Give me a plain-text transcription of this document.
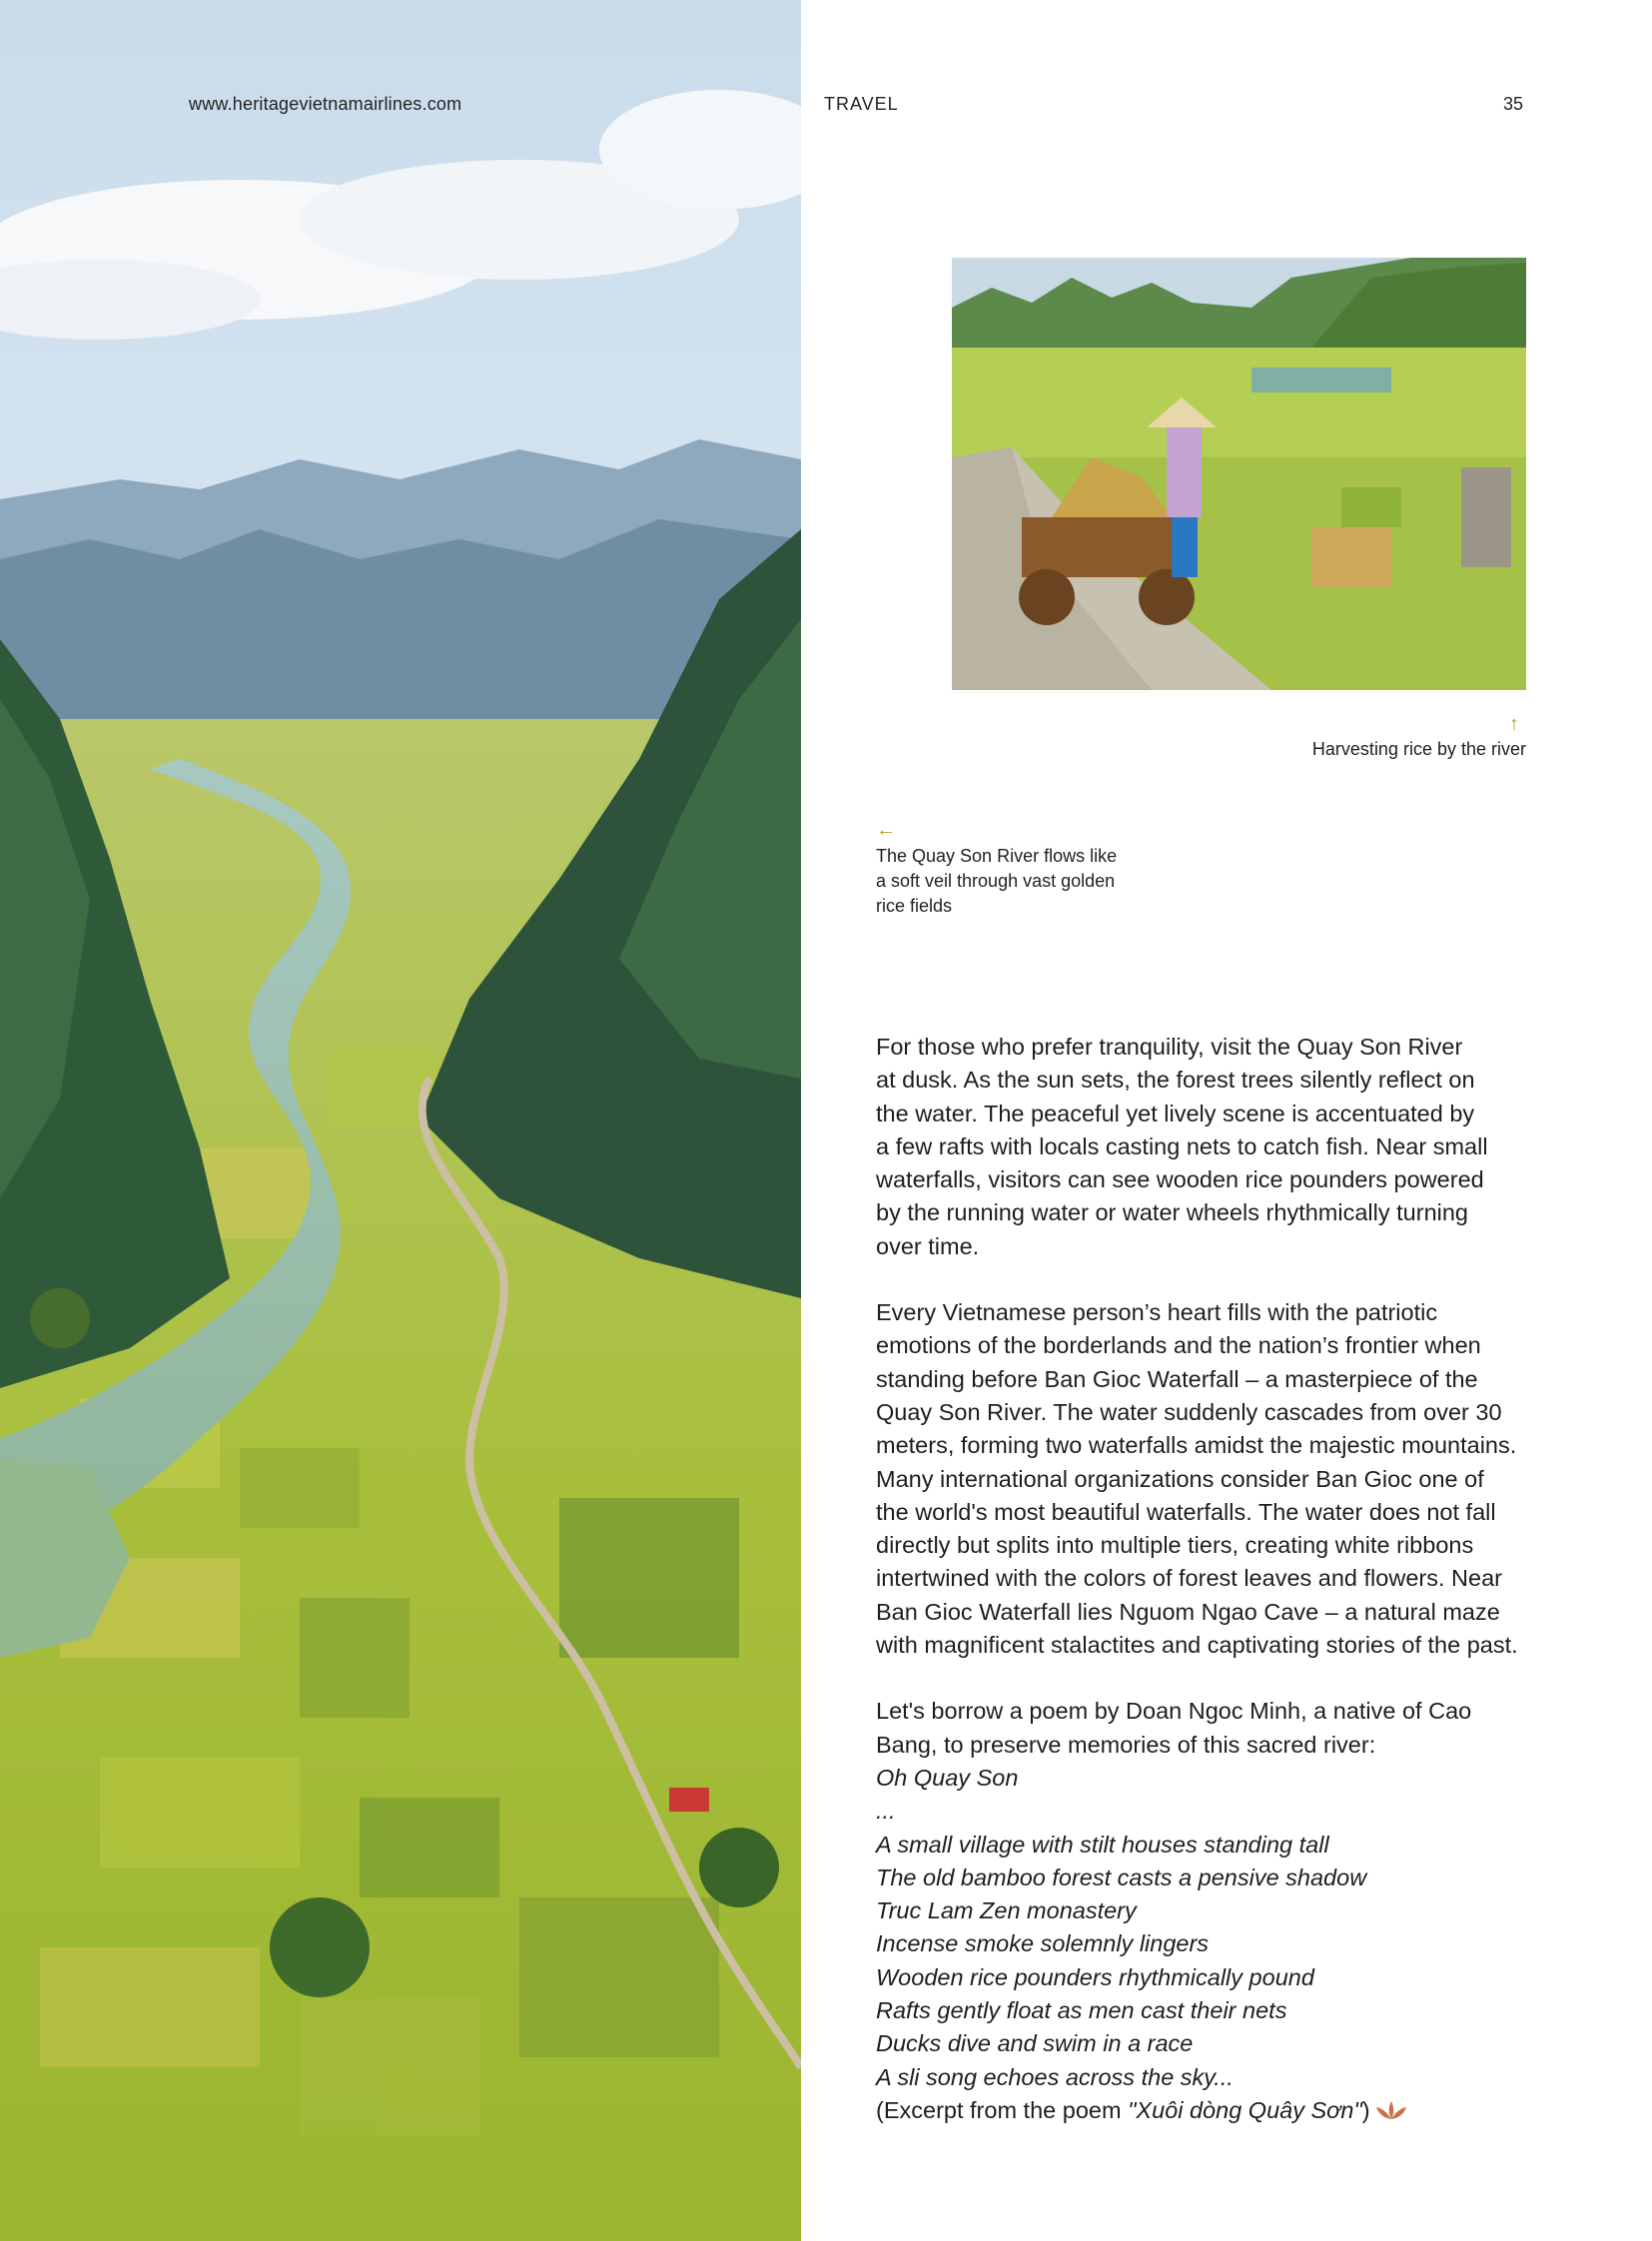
www.heritagevietnamairlines.com	TRAVEL	35
↑
Harvesting rice by the river
←
The Quay Son River flows like
a soft veil through vast golden
rice fields

For those who prefer tranquility, visit the Quay Son River
at dusk. As the sun sets, the forest trees silently reflect on
the water. The peaceful yet lively scene is accentuated by
a few rafts with locals casting nets to catch fish. Near small
waterfalls, visitors can see wooden rice pounders powered
by the running water or water wheels rhythmically turning
over time.

Every Vietnamese person’s heart fills with the patriotic
emotions of the borderlands and the nation’s frontier when
standing before Ban Gioc Waterfall – a masterpiece of the
Quay Son River. The water suddenly cascades from over 30
meters, forming two waterfalls amidst the majestic mountains.
Many international organizations consider Ban Gioc one of
the world's most beautiful waterfalls. The water does not fall
directly but splits into multiple tiers, creating white ribbons
intertwined with the colors of forest leaves and flowers. Near
Ban Gioc Waterfall lies Nguom Ngao Cave – a natural maze
with magnificent stalactites and captivating stories of the past.

Let's borrow a poem by Doan Ngoc Minh, a native of Cao
Bang, to preserve memories of this sacred river:
Oh Quay Son
...
A small village with stilt houses standing tall
The old bamboo forest casts a pensive shadow
Truc Lam Zen monastery
Incense smoke solemnly lingers
Wooden rice pounders rhythmically pound
Rafts gently float as men cast their nets
Ducks dive and swim in a race
A sli song echoes across the sky...
(Excerpt from the poem "Xuôi dòng Quây Sơn")
